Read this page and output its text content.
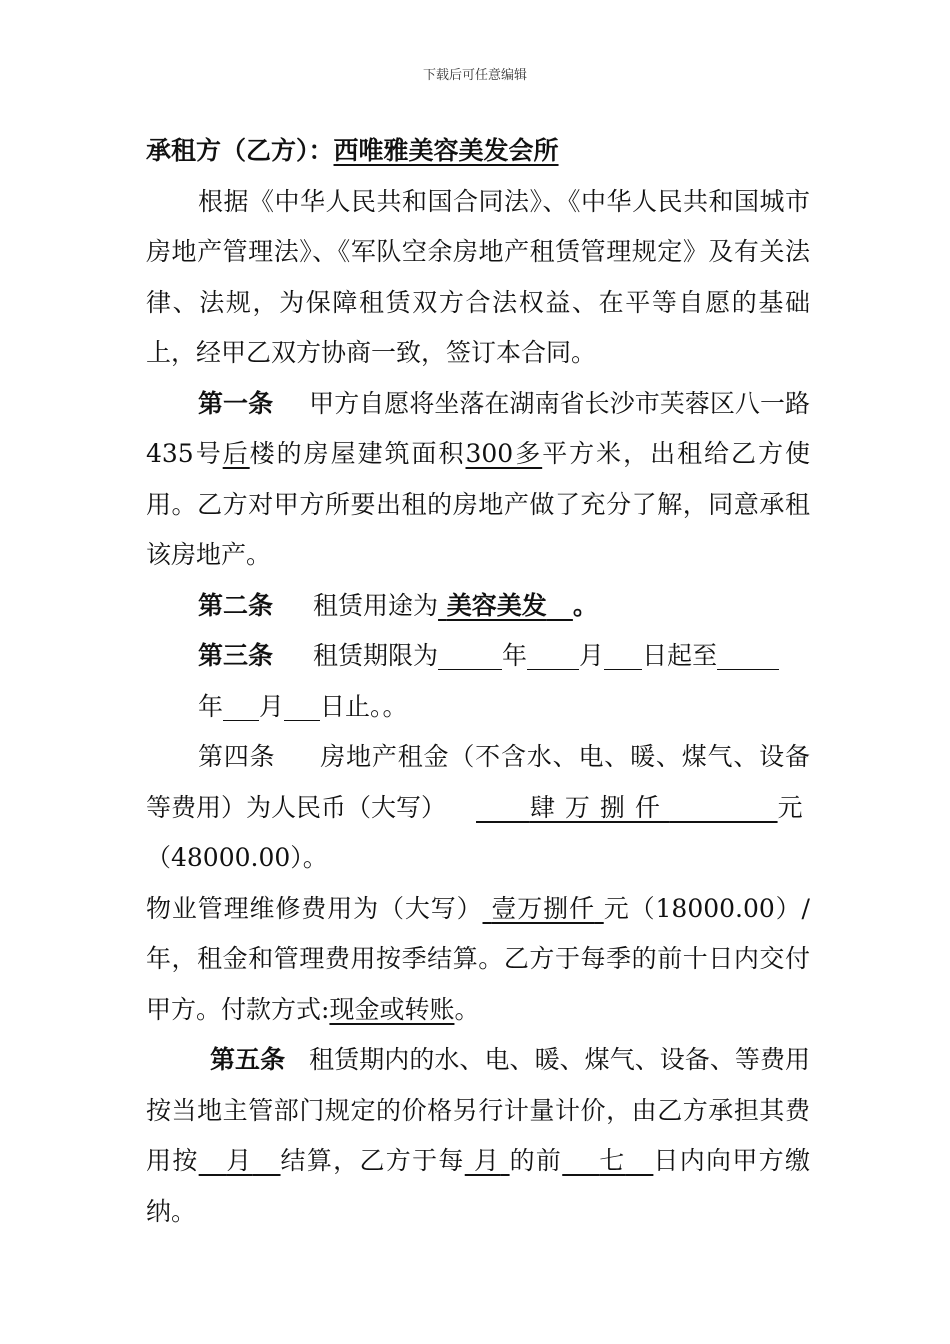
下载后可任意编辑

承租方（乙方）：西唯雅美容美发会所

根据《中华人民共和国合同法》、《中华人民共和国城市房地产管理法》、《军队空余房地产租赁管理规定》及有关法律、法规，为保障租赁双方合法权益、在平等自愿的基础上，经甲乙双方协商一致，签订本合同。

第一条 甲方自愿将坐落在湖南省长沙市芙蓉区八一路435号后楼的房屋建筑面积300多平方米，出租给乙方使用。乙方对甲方所要出租的房地产做了充分了解，同意承租该房地产。

第二条 租赁用途为 美容美发 。

第三条 租赁期限为	年 月 日起至

年 月 日止。。

第四条 房地产租金（不含水、电、暖、煤气、设备等费用）为人民币（大写）	肆万捌仟	元

（48000.00）。

物业管理维修费用为（大写） 壹万捌仟 元（18000.00）/年，租金和管理费用按季结算。乙方于每季的前十日内交付甲方。付款方式:现金或转账。

第五条 租赁期内的水、电、暖、煤气、设备、等费用按当地主管部门规定的价格另行计量计价，由乙方承担其费用按 月 结算，乙方于每 月 的前 七 日内向甲方缴纳。
